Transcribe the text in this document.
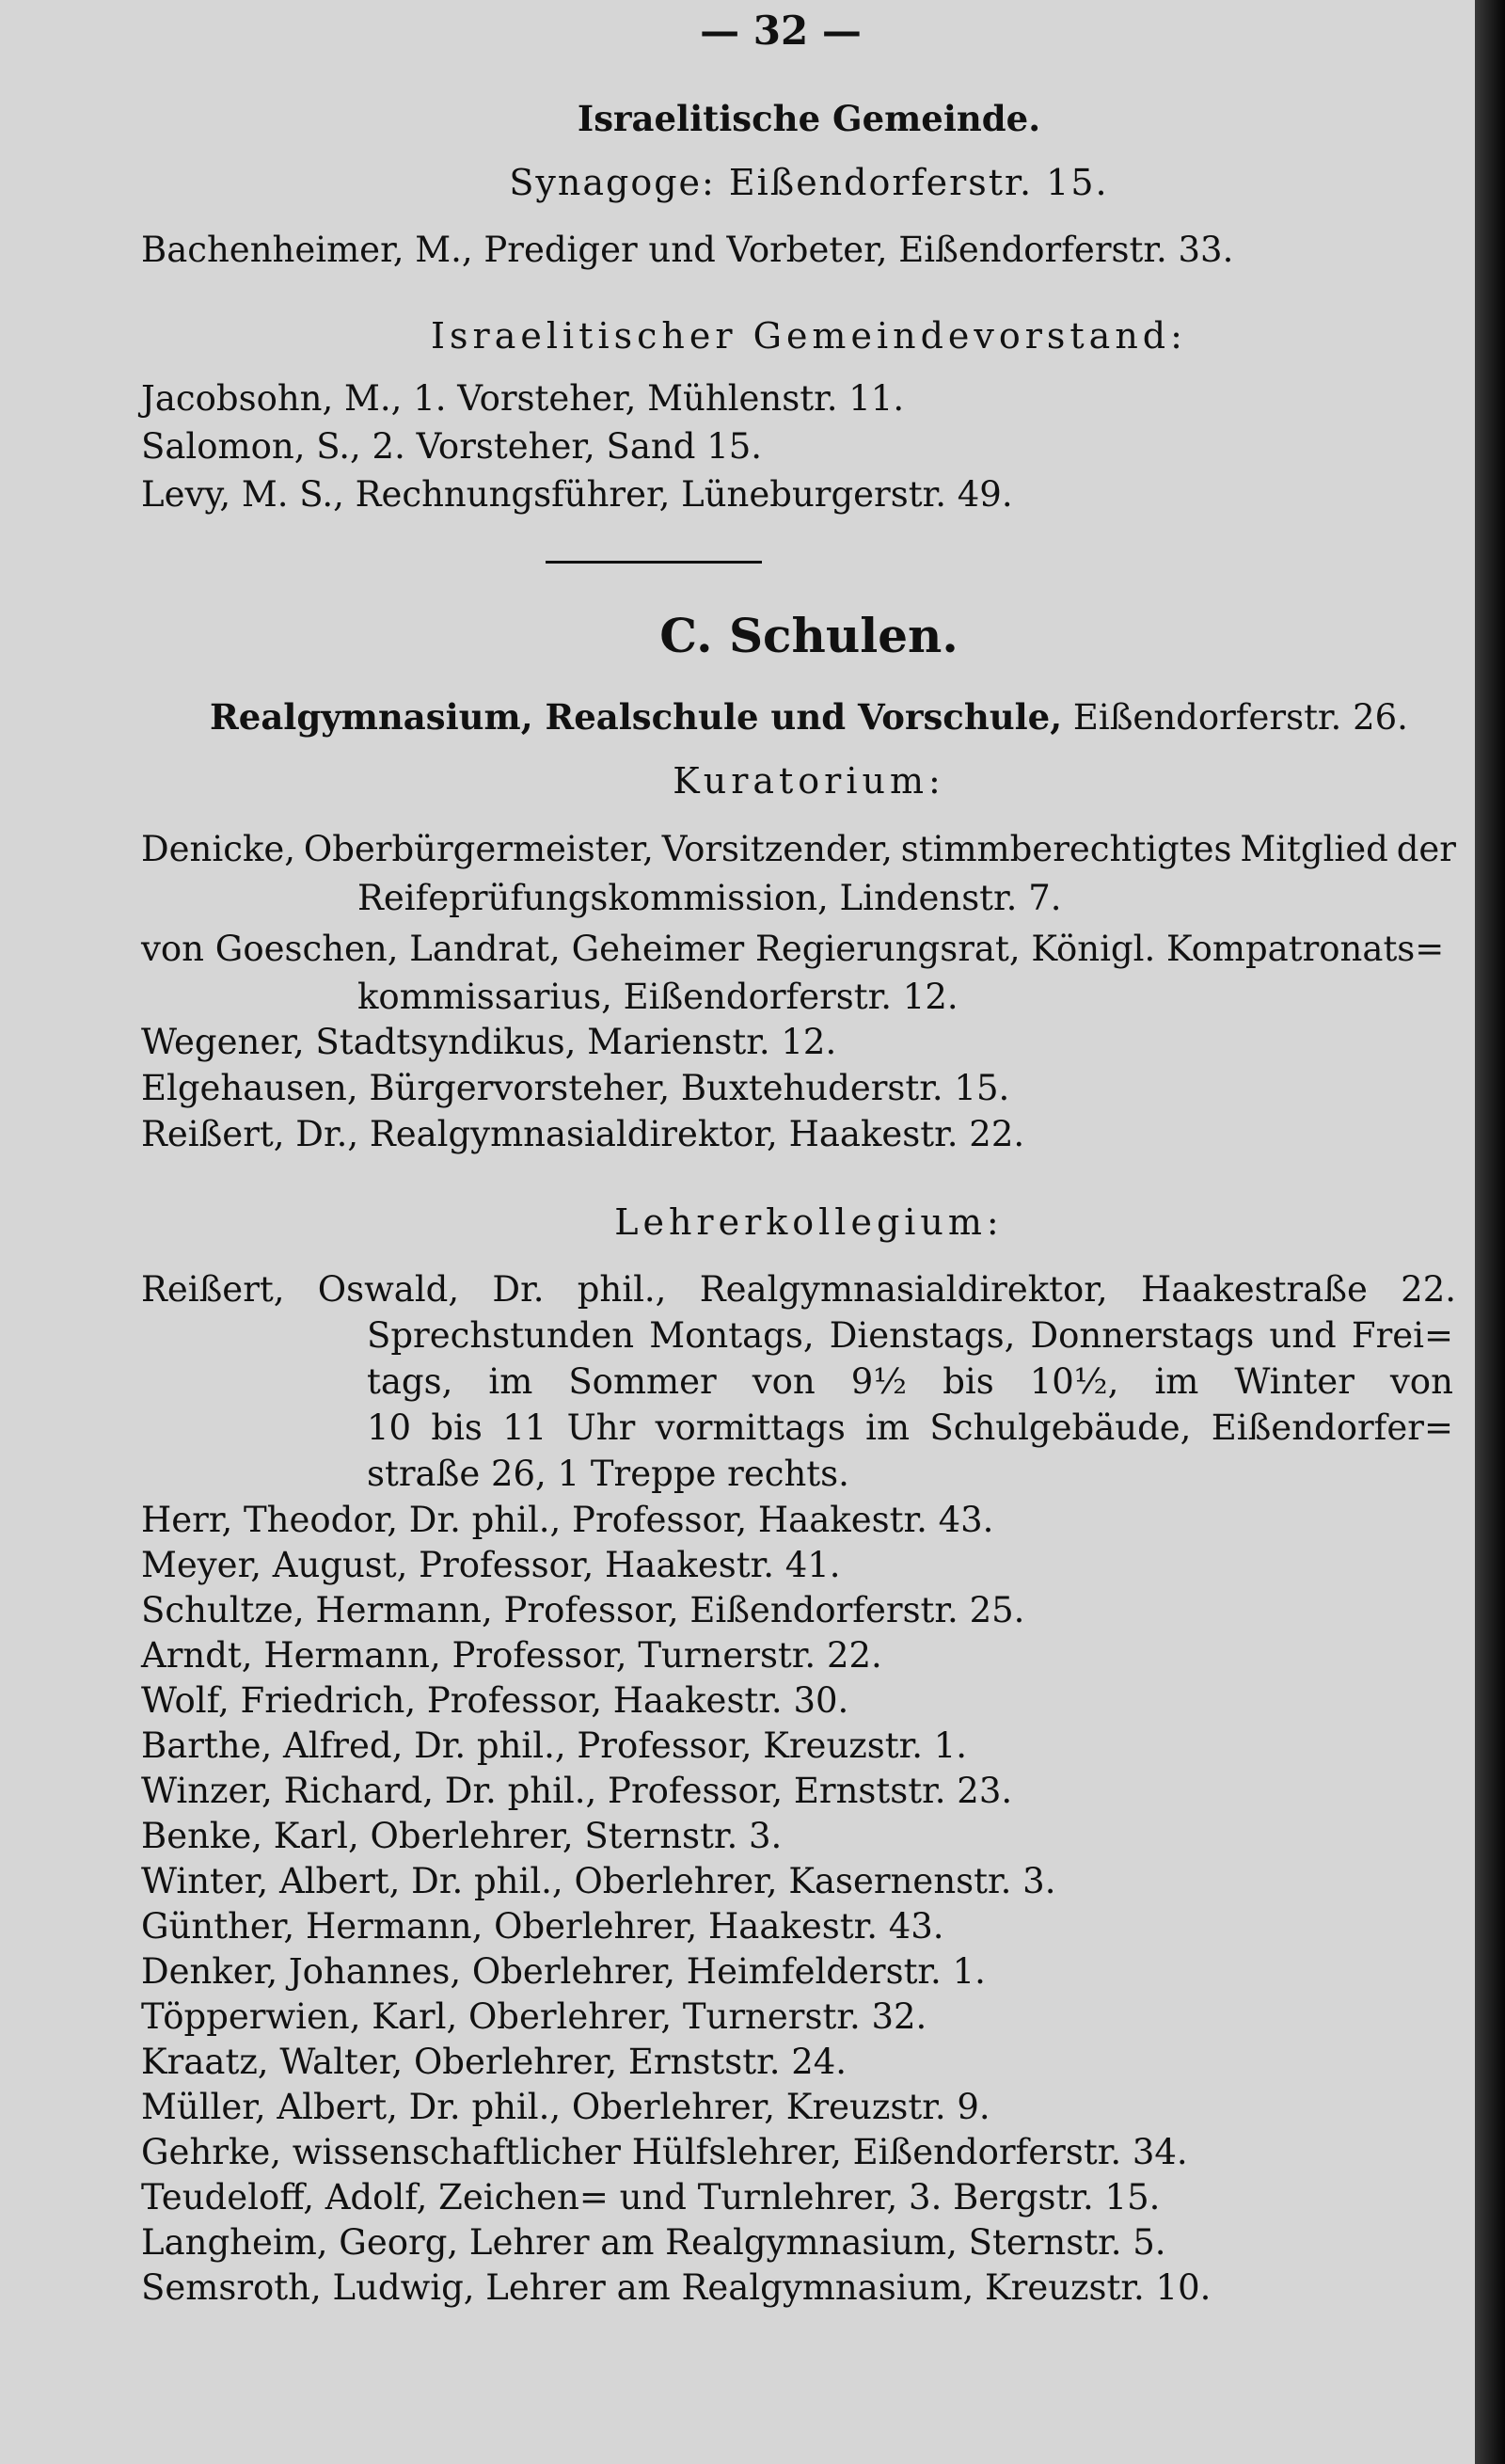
— 32 —
Israelitische Gemeinde.
Synagoge: Eißendorferstr. 15.
Bachenheimer, M., Prediger und Vorbeter, Eißendorferstr. 33.
Israelitischer Gemeindevorstand:
Jacobsohn, M., 1. Vorsteher, Mühlenstr. 11.
Salomon, S., 2. Vorsteher, Sand 15.
Levy, M. S., Rechnungsführer, Lüneburgerstr. 49.
C. Schulen.
Realgymnasium, Realschule und Vorschule, Eißendorferstr. 26.
Kuratorium:
Denicke, Oberbürgermeister, Vorsitzender, stimmberechtigtes Mitglied der
Reifeprüfungskommission, Lindenstr. 7.
von Goeschen, Landrat, Geheimer Regierungsrat, Königl. Kompatronats=
kommissarius, Eißendorferstr. 12.
Wegener, Stadtsyndikus, Marienstr. 12.
Elgehausen, Bürgervorsteher, Buxtehuderstr. 15.
Reißert, Dr., Realgymnasialdirektor, Haakestr. 22.
Lehrerkollegium:
Reißert, Oswald, Dr. phil., Realgymnasialdirektor, Haakestraße 22.
Sprechstunden Montags, Dienstags, Donnerstags und Frei=
tags, im Sommer von 9½ bis 10½, im Winter von
10 bis 11 Uhr vormittags im Schulgebäude, Eißendorfer=
straße 26, 1 Treppe rechts.
Herr, Theodor, Dr. phil., Professor, Haakestr. 43.
Meyer, August, Professor, Haakestr. 41.
Schultze, Hermann, Professor, Eißendorferstr. 25.
Arndt, Hermann, Professor, Turnerstr. 22.
Wolf, Friedrich, Professor, Haakestr. 30.
Barthe, Alfred, Dr. phil., Professor, Kreuzstr. 1.
Winzer, Richard, Dr. phil., Professor, Ernststr. 23.
Benke, Karl, Oberlehrer, Sternstr. 3.
Winter, Albert, Dr. phil., Oberlehrer, Kasernenstr. 3.
Günther, Hermann, Oberlehrer, Haakestr. 43.
Denker, Johannes, Oberlehrer, Heimfelderstr. 1.
Töpperwien, Karl, Oberlehrer, Turnerstr. 32.
Kraatz, Walter, Oberlehrer, Ernststr. 24.
Müller, Albert, Dr. phil., Oberlehrer, Kreuzstr. 9.
Gehrke, wissenschaftlicher Hülfslehrer, Eißendorferstr. 34.
Teudeloff, Adolf, Zeichen= und Turnlehrer, 3. Bergstr. 15.
Langheim, Georg, Lehrer am Realgymnasium, Sternstr. 5.
Semsroth, Ludwig, Lehrer am Realgymnasium, Kreuzstr. 10.
